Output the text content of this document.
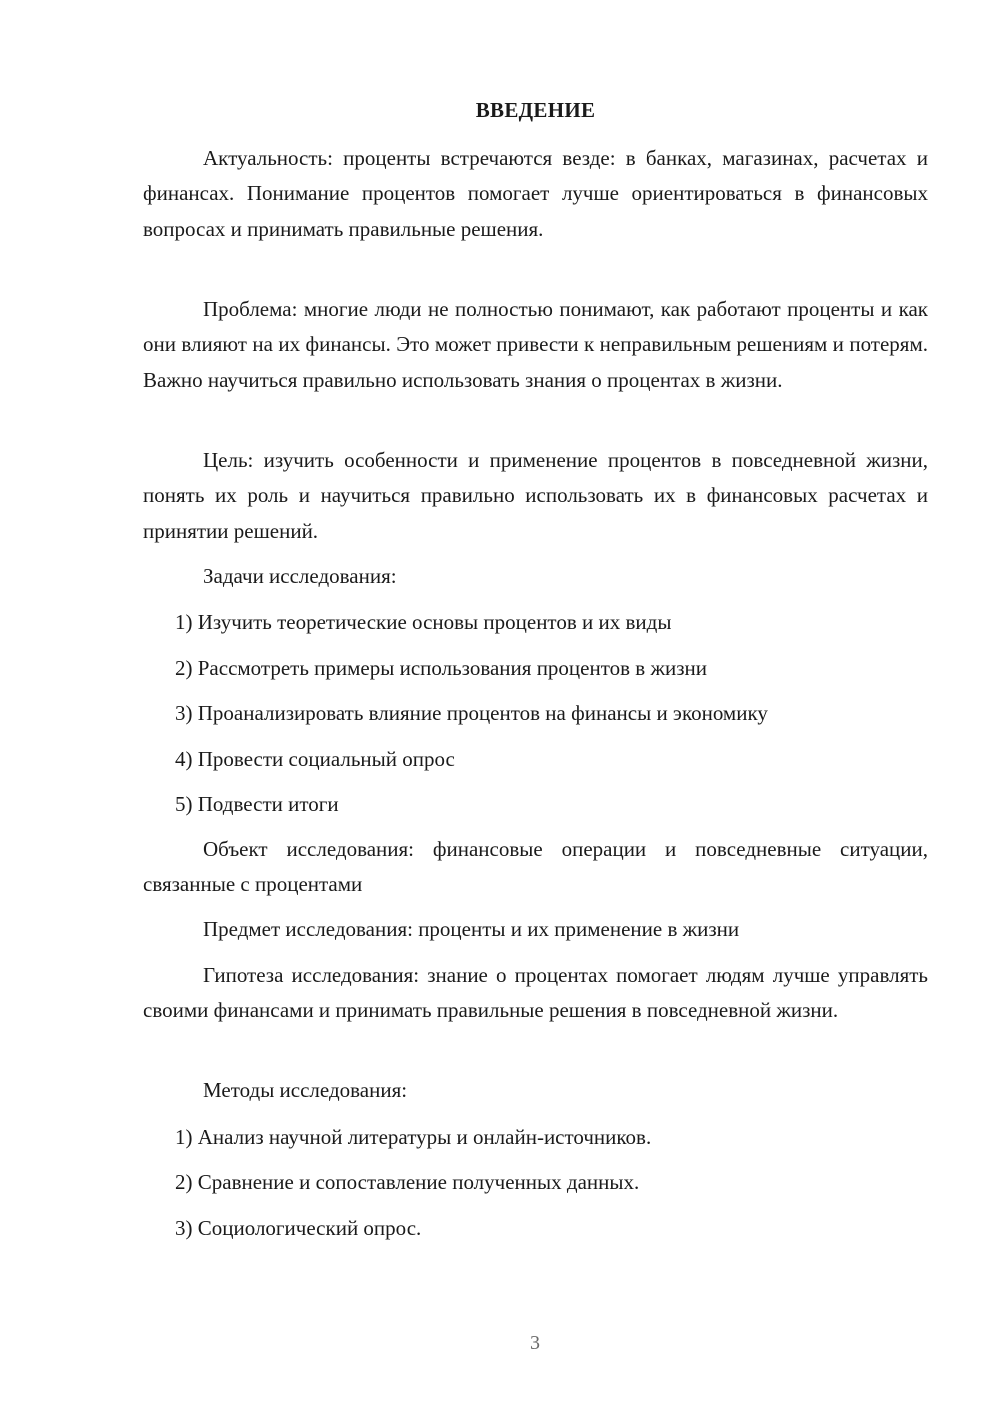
ВВЕДЕНИЕ

Актуальность: проценты встречаются везде: в банках, магазинах, расчетах и финансах. Понимание процентов помогает лучше ориентироваться в финансовых вопросах и принимать правильные решения.

Проблема: многие люди не полностью понимают, как работают проценты и как они влияют на их финансы. Это может привести к неправильным решениям и потерям. Важно научиться правильно использовать знания о процентах в жизни.

Цель: изучить особенности и применение процентов в повседневной жизни, понять их роль и научиться правильно использовать их в финансовых расчетах и принятии решений.

Задачи исследования:

1) Изучить теоретические основы процентов и их виды

2) Рассмотреть примеры использования процентов в жизни

3) Проанализировать влияние процентов на финансы и экономику

4) Провести социальный опрос

5) Подвести итоги

Объект исследования: финансовые операции и повседневные ситуации, связанные с процентами

Предмет исследования: проценты и их применение в жизни

Гипотеза исследования: знание о процентах помогает людям лучше управлять своими финансами и принимать правильные решения в повседневной жизни.

Методы исследования:

1) Анализ научной литературы и онлайн-источников.

2) Сравнение и сопоставление полученных данных.

3) Социологический опрос.

3
